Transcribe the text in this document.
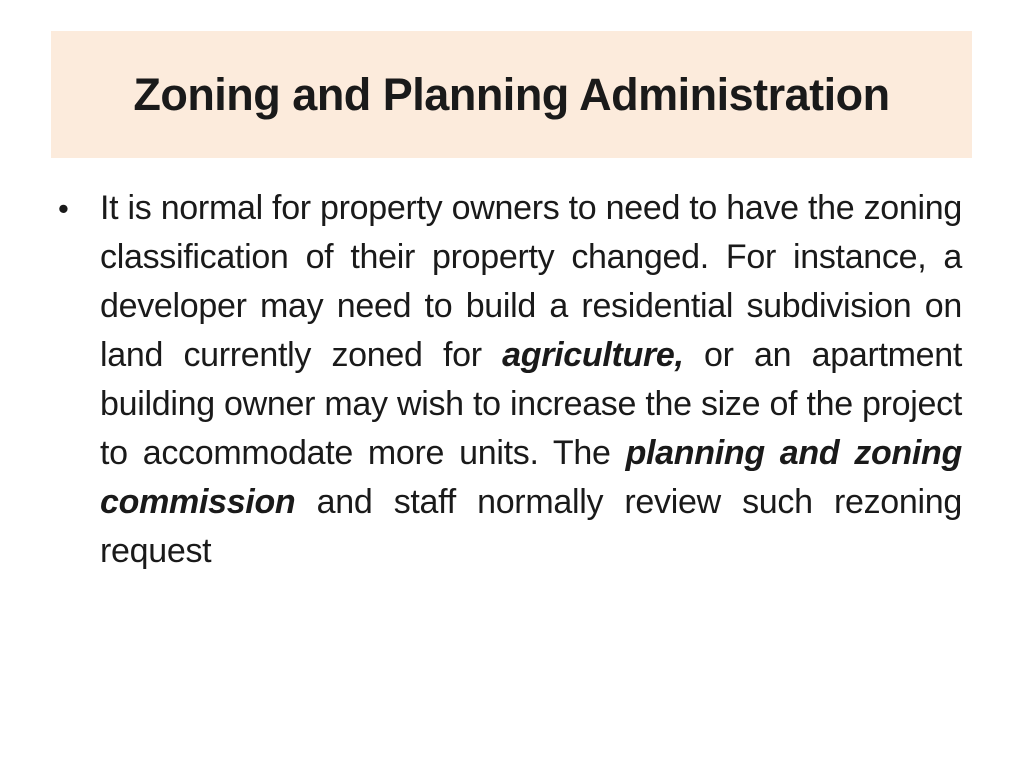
Zoning and Planning Administration
• It is normal for property owners to need to have the zoning classification of their property changed. For instance, a developer may need to build a residential subdivision on land currently zoned for agriculture, or an apartment building owner may wish to increase the size of the project to accommodate more units. The planning and zoning commission and staff normally review such rezoning request
